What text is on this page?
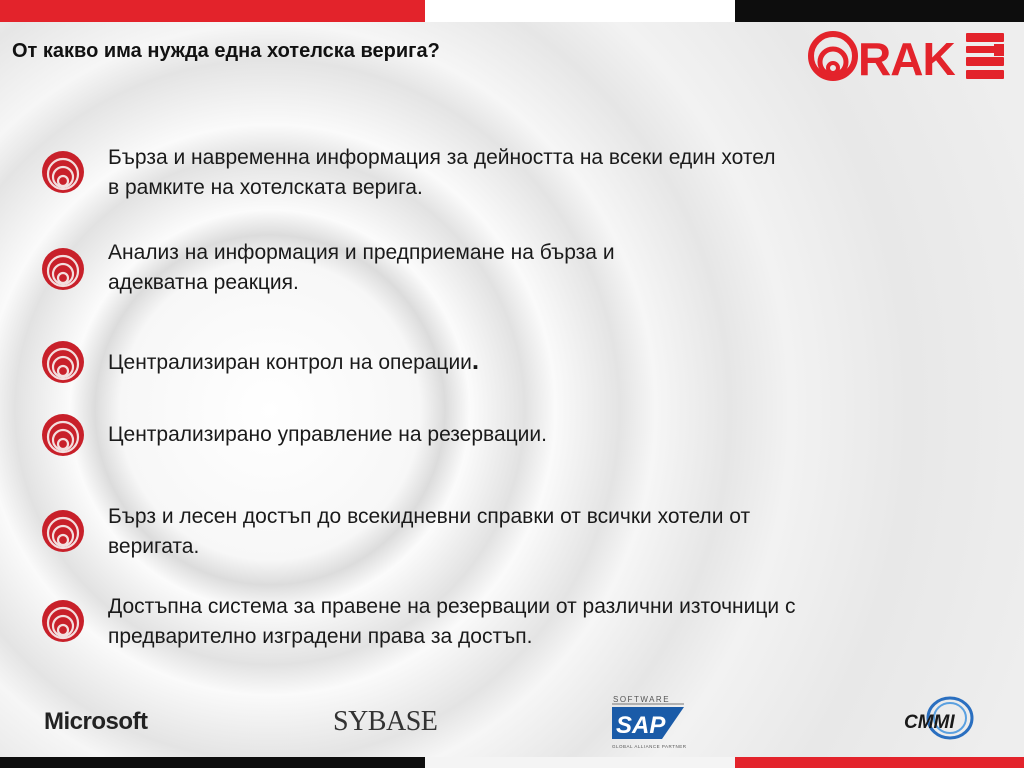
От какво има нужда една хотелска верига?	RAK
Бърза и навременна информация за дейността на всеки един хотел
в рамките на хотелската верига.
Анализ на информация и предприемане на бърза и
адекватна реакция.
Централизиран контрол на операции.
Централизирано управление на резервации.
Бърз и лесен достъп до всекидневни справки от всички хотели от
веригата.
Достъпна система за правене на резервации от различни източници с
предварително изградени права за достъп.
Microsoft	SYBASE
SOFTWARE
SAP
GLOBAL ALLIANCE PARTNER
CMMI
